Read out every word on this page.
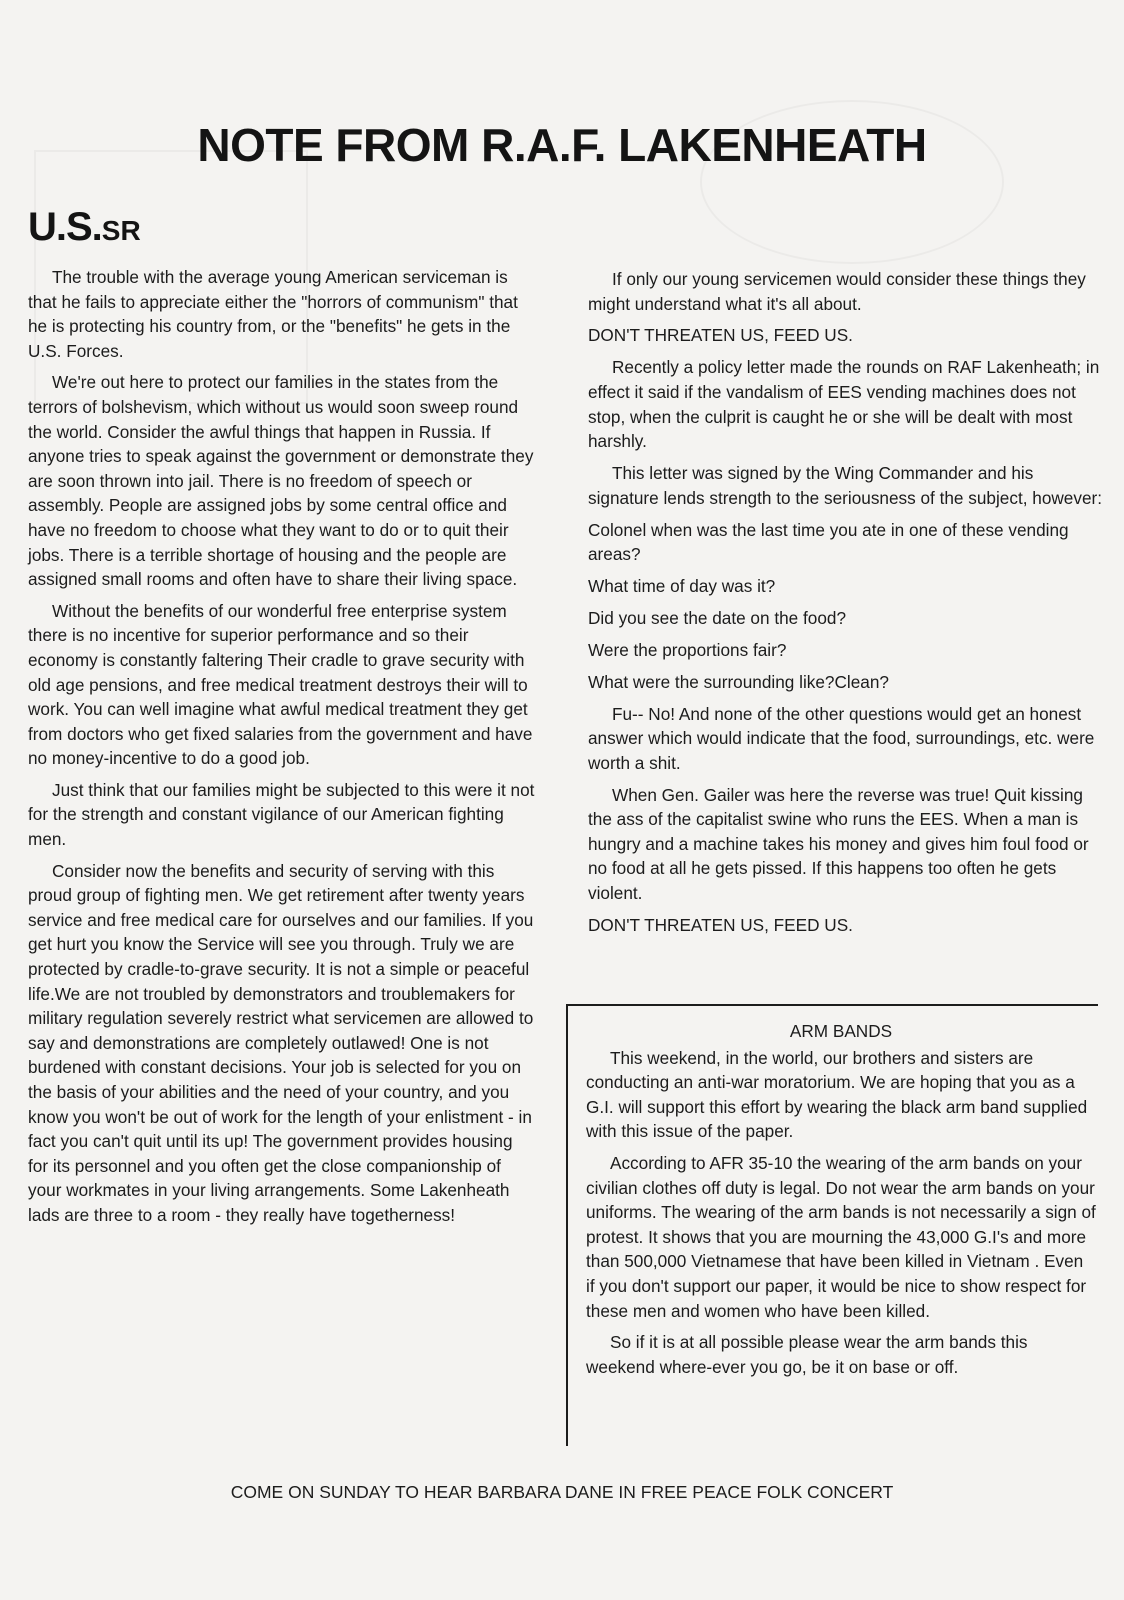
NOTE FROM R.A.F. LAKENHEATH
U.S.SR

The trouble with the average young American serviceman is that he fails to appreciate either the "horrors of communism" that he is protecting his country from, or the "benefits" he gets in the U.S. Forces.

We're out here to protect our families in the states from the terrors of bolshevism, which without us would soon sweep round the world. Consider the awful things that happen in Russia. If anyone tries to speak against the government or demonstrate they are soon thrown into jail. There is no freedom of speech or assembly. People are assigned jobs by some central office and have no freedom to choose what they want to do or to quit their jobs. There is a terrible shortage of housing and the people are assigned small rooms and often have to share their living space.

Without the benefits of our wonderful free enterprise system there is no incentive for superior performance and so their economy is constantly faltering Their cradle to grave security with old age pensions, and free medical treatment destroys their will to work. You can well imagine what awful medical treatment they get from doctors who get fixed salaries from the government and have no money-incentive to do a good job.

Just think that our families might be subjected to this were it not for the strength and constant vigilance of our American fighting men.

Consider now the benefits and security of serving with this proud group of fighting men. We get retirement after twenty years service and free medical care for ourselves and our families. If you get hurt you know the Service will see you through. Truly we are protected by cradle-to-grave security. It is not a simple or peaceful life.We are not troubled by demonstrators and troublemakers for military regulation severely restrict what servicemen are allowed to say and demonstrations are completely outlawed! One is not burdened with constant decisions. Your job is selected for you on the basis of your abilities and the need of your country, and you know you won't be out of work for the length of your enlistment - in fact you can't quit until its up! The government provides housing for its personnel and you often get the close companionship of your workmates in your living arrangements. Some Lakenheath lads are three to a room - they really have togetherness!

If only our young servicemen would consider these things they might understand what it's all about.

DON'T THREATEN US, FEED US.

Recently a policy letter made the rounds on RAF Lakenheath; in effect it said if the vandalism of EES vending machines does not stop, when the culprit is caught he or she will be dealt with most harshly.

This letter was signed by the Wing Commander and his signature lends strength to the seriousness of the subject, however:

Colonel when was the last time you ate in one of these vending areas?

What time of day was it?

Did you see the date on the food?

Were the proportions fair?

What were the surrounding like?Clean?

Fu-- No! And none of the other questions would get an honest answer which would indicate that the food, surroundings, etc. were worth a shit.

When Gen. Gailer was here the reverse was true! Quit kissing the ass of the capitalist swine who runs the EES. When a man is hungry and a machine takes his money and gives him foul food or no food at all he gets pissed. If this happens too often he gets violent.

DON'T THREATEN US, FEED US.

ARM BANDS

This weekend, in the world, our brothers and sisters are conducting an anti-war moratorium. We are hoping that you as a G.I. will support this effort by wearing the black arm band supplied with this issue of the paper.

According to AFR 35-10 the wearing of the arm bands on your civilian clothes off duty is legal. Do not wear the arm bands on your uniforms. The wearing of the arm bands is not necessarily a sign of protest. It shows that you are mourning the 43,000 G.I's and more than 500,000 Vietnamese that have been killed in Vietnam . Even if you don't support our paper, it would be nice to show respect for these men and women who have been killed.

So if it is at all possible please wear the arm bands this weekend where-ever you go, be it on base or off.

COME ON SUNDAY TO HEAR BARBARA DANE IN FREE PEACE FOLK CONCERT
